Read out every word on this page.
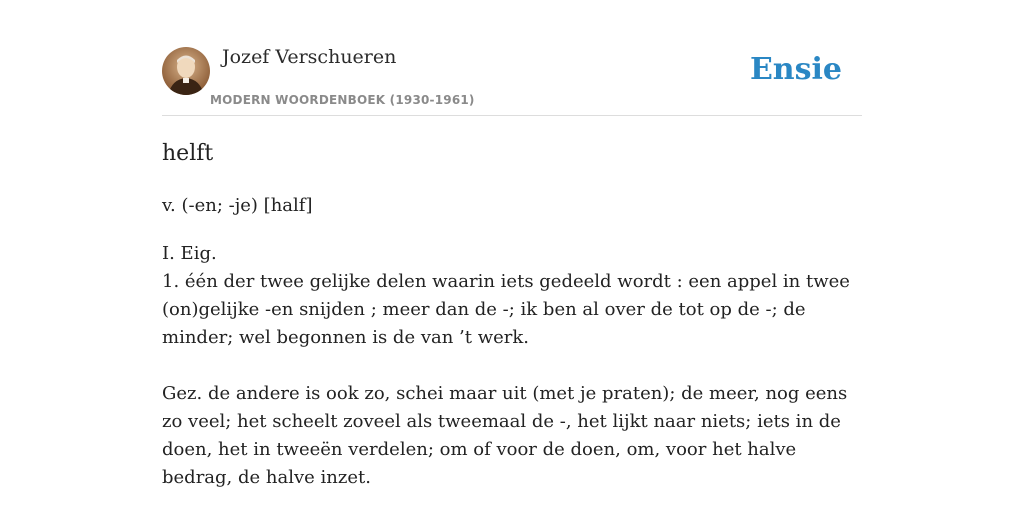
Jozef Verschueren
MODERN WOORDENBOEK (1930-1961)
Ensie
helft
v. (-en; -je) [half]

I. Eig.

1. één der twee gelijke delen waarin iets gedeeld wordt : een appel in twee (on)gelijke -en snijden ; meer dan de -; ik ben al over de tot op de -; de minder; wel begonnen is de van ’t werk.

Gez. de andere is ook zo, schei maar uit (met je praten); de meer, nog eens zo veel; het scheelt zoveel als tweemaal de -, het lijkt naar niets; iets in de doen, het in tweeën verdelen; om of voor de doen, om, voor het halve bedrag, de halve inzet.
